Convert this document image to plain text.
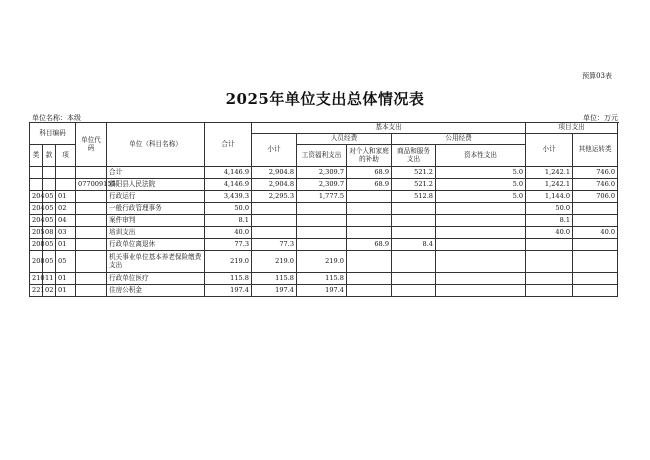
预算03表
2025年单位支出总体情况表
单位名称：本级	单位：万元
科目编码			单位代码	单位（科目名称）	合计	基本支出					项目支出		
						小计	人员经费		公用经费		小计	其他运转类	
类	款	项					工资福利支出	对个人和家庭的补助	商品和服务支出	资本性支出			

				合计	4,146.9	2,904.8	2,309.7	68.9	521.2	5.0	1,242.1	746.0	
			077009155	濮阳县人民法院	4,146.9	2,904.8	2,309.7	68.9	521.2	5.0	1,242.1	746.0	
204	05	01		行政运行	3,439.3	2,295.3	1,777.5		512.8	5.0	1,144.0	706.0	
204	05	02		一般行政管理事务	50.0						50.0		
204	05	04		案件审判	8.1						8.1		
205	08	03		培训支出	40.0						40.0	40.0	
208	05	01		行政单位离退休	77.3	77.3		68.9	8.4				
208	05	05		机关事业单位基本养老保险缴费支出	219.0	219.0	219.0						
210	11	01		行政单位医疗	115.8	115.8	115.8						
221	02	01		住房公积金	197.4	197.4	197.4						
